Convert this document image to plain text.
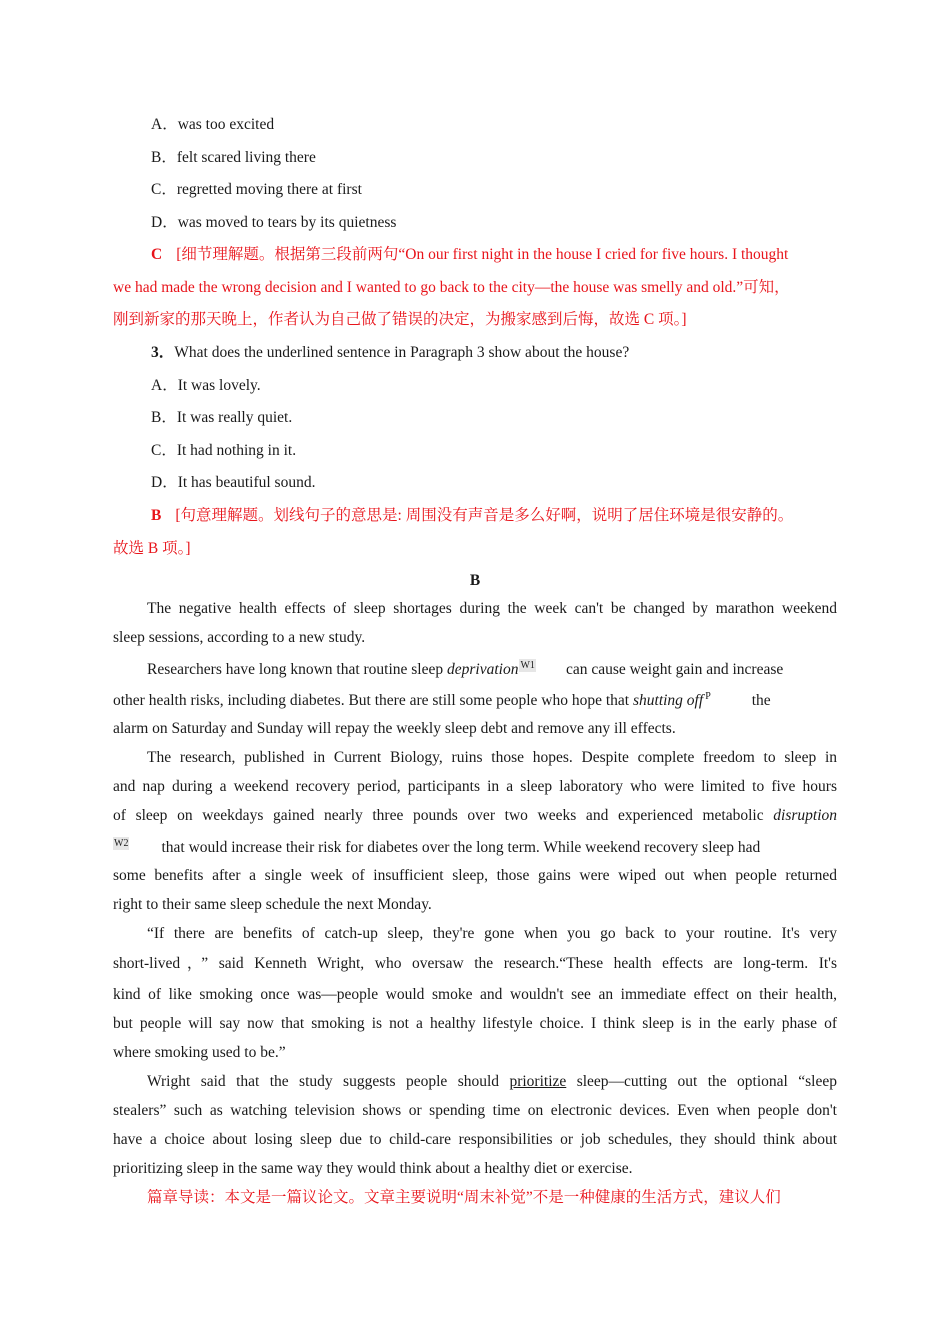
A．was too excited
B．felt scared living there
C．regretted moving there at first
D．was moved to tears by its quietness
C [细节理解题。根据第三段前两句“On our first night in the house I cried for five hours. I thought
we had made the wrong decision and I wanted to go back to the city—the house was smelly and old.”可知，
刚到新家的那天晚上，作者认为自己做了错误的决定，为搬家感到后悔，故选 C 项。]
3．What does the underlined sentence in Paragraph 3 show about the house?
A．It was lovely.
B．It was really quiet.
C．It had nothing in it.
D．It has beautiful sound.
B [句意理解题。划线句子的意思是: 周围没有声音是多么好啊，说明了居住环境是很安静的。
故选 B 项。]
B
The negative health effects of sleep shortages during the week can't be changed by marathon weekend
sleep sessions, according to a new study.
Researchers have long known that routine sleep deprivation W1 can cause weight gain and increase
other health risks, including diabetes. But there are still some people who hope that shutting off P	the
alarm on Saturday and Sunday will repay the weekly sleep debt and remove any ill effects.
The research, published in Current Biology, ruins those hopes. Despite complete freedom to sleep in
and nap during a weekend recovery period, participants in a sleep laboratory who were limited to five hours
of sleep on weekdays gained nearly three pounds over two weeks and experienced metabolic disruption
W2 that would increase their risk for diabetes over the long term. While weekend recovery sleep had
some benefits after a single week of insufficient sleep, those gains were wiped out when people returned
right to their same sleep schedule the next Monday.
“If there are benefits of catch-up sleep, they're gone when you go back to your routine. It's very
short-lived，” said Kenneth Wright, who oversaw the research.“These health effects are long-term. It's
kind of like smoking once was—people would smoke and wouldn't see an immediate effect on their health,
but people will say now that smoking is not a healthy lifestyle choice. I think sleep is in the early phase of
where smoking used to be.”
Wright said that the study suggests people should prioritize sleep—cutting out the optional “sleep
stealers” such as watching television shows or spending time on electronic devices. Even when people don't
have a choice about losing sleep due to child-care responsibilities or job schedules, they should think about
prioritizing sleep in the same way they would think about a healthy diet or exercise.
篇章导读：本文是一篇议论文。文章主要说明“周末补觉”不是一种健康的生活方式，建议人们
